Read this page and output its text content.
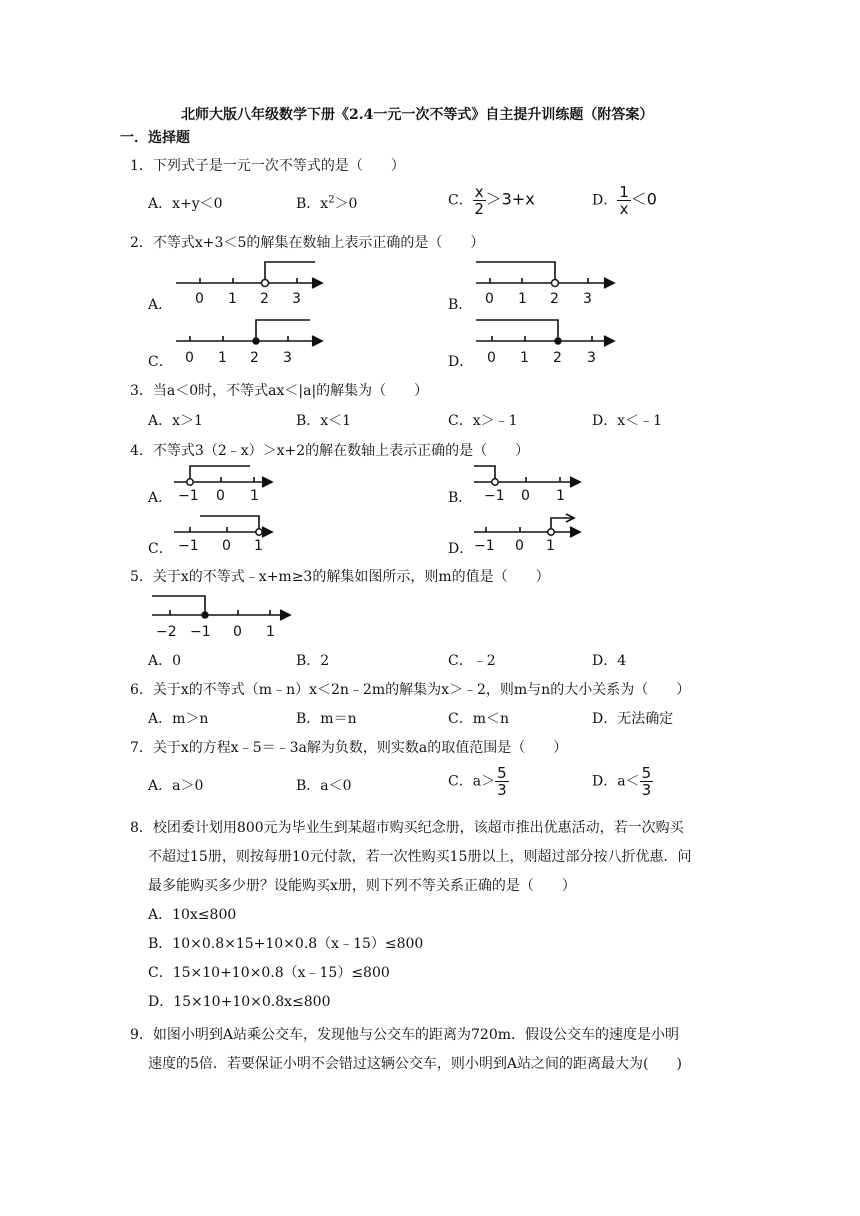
北师大版八年级数学下册《2.4一元一次不等式》自主提升训练题（附答案）
一．选择题
1．下列式子是一元一次不等式的是（　　）
A．x+y＜0	B．$x^2>0$	C． $\frac{x}{2} >3+x$	D． $\frac{1}{x} <0$
2．不等式x+3＜5的解集在数轴上表示正确的是（　　）
A．	B．
C．	D．
0 1 2 3	0 1 2 3
0 1 2 3	0 1 2 3
3．当a＜0时，不等式ax＜|a|的解集为（　　）
A．x＞1	B．x＜1	C．x＞﹣1	D．x＜﹣1
4．不等式3（2﹣x）＞x+2的解在数轴上表示正确的是（　　）
A．	B．
C．	D．
−1 0 1	−1 0 1
−1 0 1	−1 0 1
5．关于x的不等式﹣x+m≥3的解集如图所示，则m的值是（　　）
−2 −1 0 1
A．0	B．2	C．﹣2	D．4
6．关于x的不等式（m﹣n）x＜2n﹣2m的解集为x＞﹣2，则m与n的大小关系为（　　）
A．m＞n	B．m＝n	C．m＜n	D．无法确定
7．关于x的方程x﹣5＝﹣3a解为负数，则实数a的取值范围是（　　）
A．a＞0	B．a＜0	C．$a> \frac{5}{3}$	D．$a< \frac{5}{3}$
8．校团委计划用800元为毕业生到某超市购买纪念册，该超市推出优惠活动，若一次购买
不超过15册，则按每册10元付款，若一次性购买15册以上，则超过部分按八折优惠．问
最多能购买多少册？设能购买x册，则下列不等关系正确的是（　　）
A．10x≤800
B．10×0.8×15+10×0.8（x﹣15）≤800
C．15×10+10×0.8（x﹣15）≤800
D．15×10+10×0.8x≤800
9．如图小明到A站乘公交车，发现他与公交车的距离为720m．假设公交车的速度是小明
速度的5倍．若要保证小明不会错过这辆公交车，则小明到A站之间的距离最大为(　　)
